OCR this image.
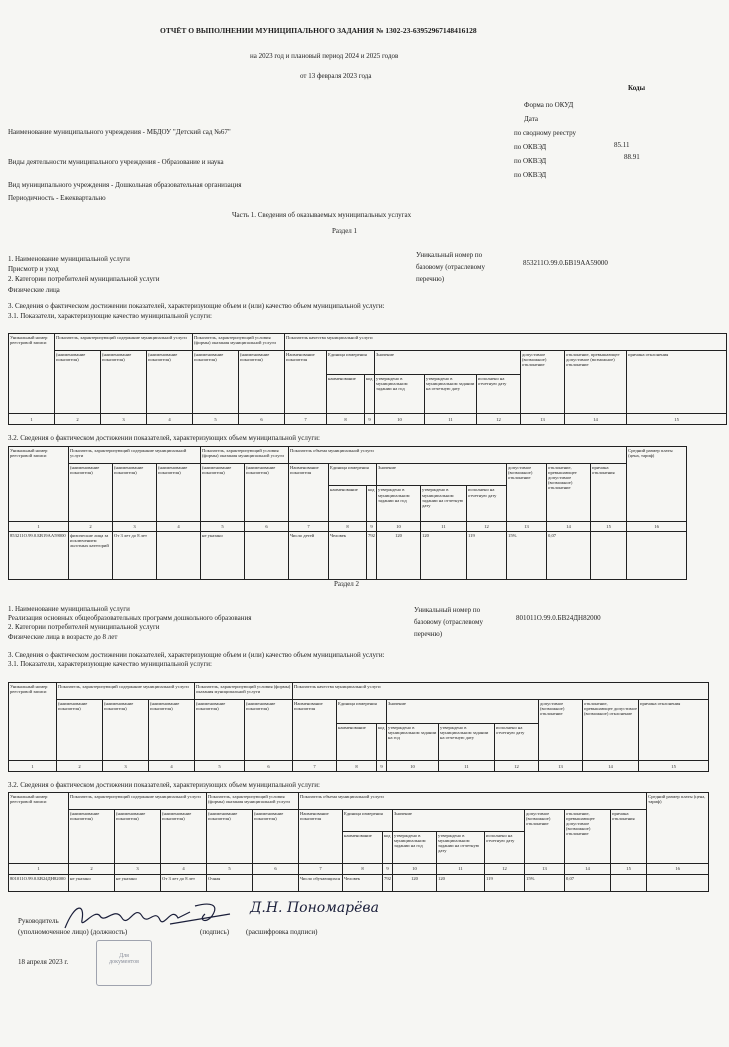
ОТЧЁТ О ВЫПОЛНЕНИИ МУНИЦИПАЛЬНОГО ЗАДАНИЯ № 1302-23-63952967148416128
на 2023 год и плановый период 2024 и 2025 годов
от 13 февраля 2023 года
Коды
Форма по ОКУД
Дата
по сводному реестру
по ОКВЭД	85.11
по ОКВЭД	88.91
по ОКВЭД
Наименование муниципального учреждения - МБДОУ "Детский сад №67"
Виды деятельности муниципального учреждения - Образование и наука
Вид муниципального учреждения - Дошкольная образовательная организация
Периодичность - Ежеквартально
Часть 1. Сведения об оказываемых муниципальных услугах
Раздел 1
1. Наименование муниципальной услуги
Присмотр и уход
2. Категории потребителей муниципальной услуги
Физические лица
Уникальный номер по
базовому (отраслевому
перечню)
853211О.99.0.БВ19АА59000
3. Сведения о фактическом достижении показателей, характеризующие объем и (или) качество объем муниципальной услуги:
3.1. Показатели, характеризующие качество муниципальной услуги:
Уникальный номер реестровой записи	Показатель, характеризующий содержание муниципальной услуги			Показатель, характеризующий условия (формы) оказания муниципальной услуги		Показатель качества муниципальной услуги								
	(наименование показателя)	(наименование показателя)	(наименование показателя)	(наименование показателя)	(наименование показателя)	Наименование показателя	Единица измерения		Значение			допустимое (возможное) отклонение	отклонение, превышающее допустимое (возможное) отклонение	причина отклонения
							наименование	код	утверждено в муниципальном задании на год	утверждено в муниципальном задании на отчетную дату	исполнено на отчетную дату			
1	2	3	4	5	6	7	8	9	10	11	12	13	14	15
3.2. Сведения о фактическом достижении показателей, характеризующих объем муниципальной услуги:
Уникальный номер реестровой записи	Показатель, характеризующий содержание муниципальной услуги			Показатель, характеризующий условия (формы) оказания муниципальной услуги		Показатель объема муниципальной услуги									Средний размер платы (цена, тариф)
	(наименование показателя)	(наименование показателя)	(наименование показателя)	(наименование показателя)	(наименование показателя)	Наименование показателя	Единица измерения		Значение			допустимое (возможное) отклонение	отклонение, превышающее допустимое (возможное) отклонение	причина отклонения	
							наименование	код	утверждено в муниципальном задании на год	утверждено в муниципальном задании на отчетную дату	исполнено на отчетную дату				
1	2	3	4	5	6	7	8	9	10	11	12	13	14	15	16
853211О.99.0.БВ19АА59000	физические лица за исключением льготных категорий	От 3 лет до 8 лет		не указано		Число детей	Человек	792	120	120	119	15%	0,07		
Раздел 2
1. Наименование муниципальной услуги
Реализация основных общеобразовательных программ дошкольного образования
2. Категории потребителей муниципальной услуги
Физические лица в возрасте до 8 лет
Уникальный номер по
базовому (отраслевому
перечню)
801011О.99.0.БВ24ДН82000
3. Сведения о фактическом достижении показателей, характеризующие объем и (или) качество объем муниципальной услуги:
3.1. Показатели, характеризующие качество муниципальной услуги:
Уникальный номер реестровой записи	Показатель, характеризующий содержание муниципальной услуги			Показатель, характеризующий условия (формы) оказания муниципальной услуги		Показатель качества муниципальной услуги								
	(наименование показателя)	(наименование показателя)	(наименование показателя)	(наименование показателя)	(наименование показателя)	Наименование показателя	Единица измерения		Значение			допустимое (возможное) отклонение	отклонение, превышающее допустимое (возможное) отклонение	причина отклонения
							наименование	код	утверждено в муниципальном задании на год	утверждено в муниципальном задании на отчетную дату	исполнено на отчетную дату			
1	2	3	4	5	6	7	8	9	10	11	12	13	14	15
3.2. Сведения о фактическом достижении показателей, характеризующих объем муниципальной услуги:
Уникальный номер реестровой записи	Показатель, характеризующий содержание муниципальной услуги			Показатель, характеризующий условия (формы) оказания муниципальной услуги		Показатель объема муниципальной услуги									Средний размер платы (цена, тариф)
	(наименование показателя)	(наименование показателя)	(наименование показателя)	(наименование показателя)	(наименование показателя)	Наименование показателя	Единица измерения		Значение			допустимое (возможное) отклонение	отклонение, превышающее допустимое (возможное) отклонение	причина отклонения	
							наименование	код	утверждено в муниципальном задании на год	утверждено в муниципальном задании на отчетную дату	исполнено на отчетную дату				
1	2	3	4	5	6	7	8	9	10	11	12	13	14	15	16
801011О.99.0.БВ24ДН82000	не указано	не указано	От 3 лет до 8 лет	Очная		Число обучающихся	Человек	792	120	120	119	15%	0,07		
Руководитель
(уполномоченное лицо) (должность)	(подпись) (расшифровка подписи)
18 апреля 2023 г.
Д.Н. Пономарёва
Для
документов
